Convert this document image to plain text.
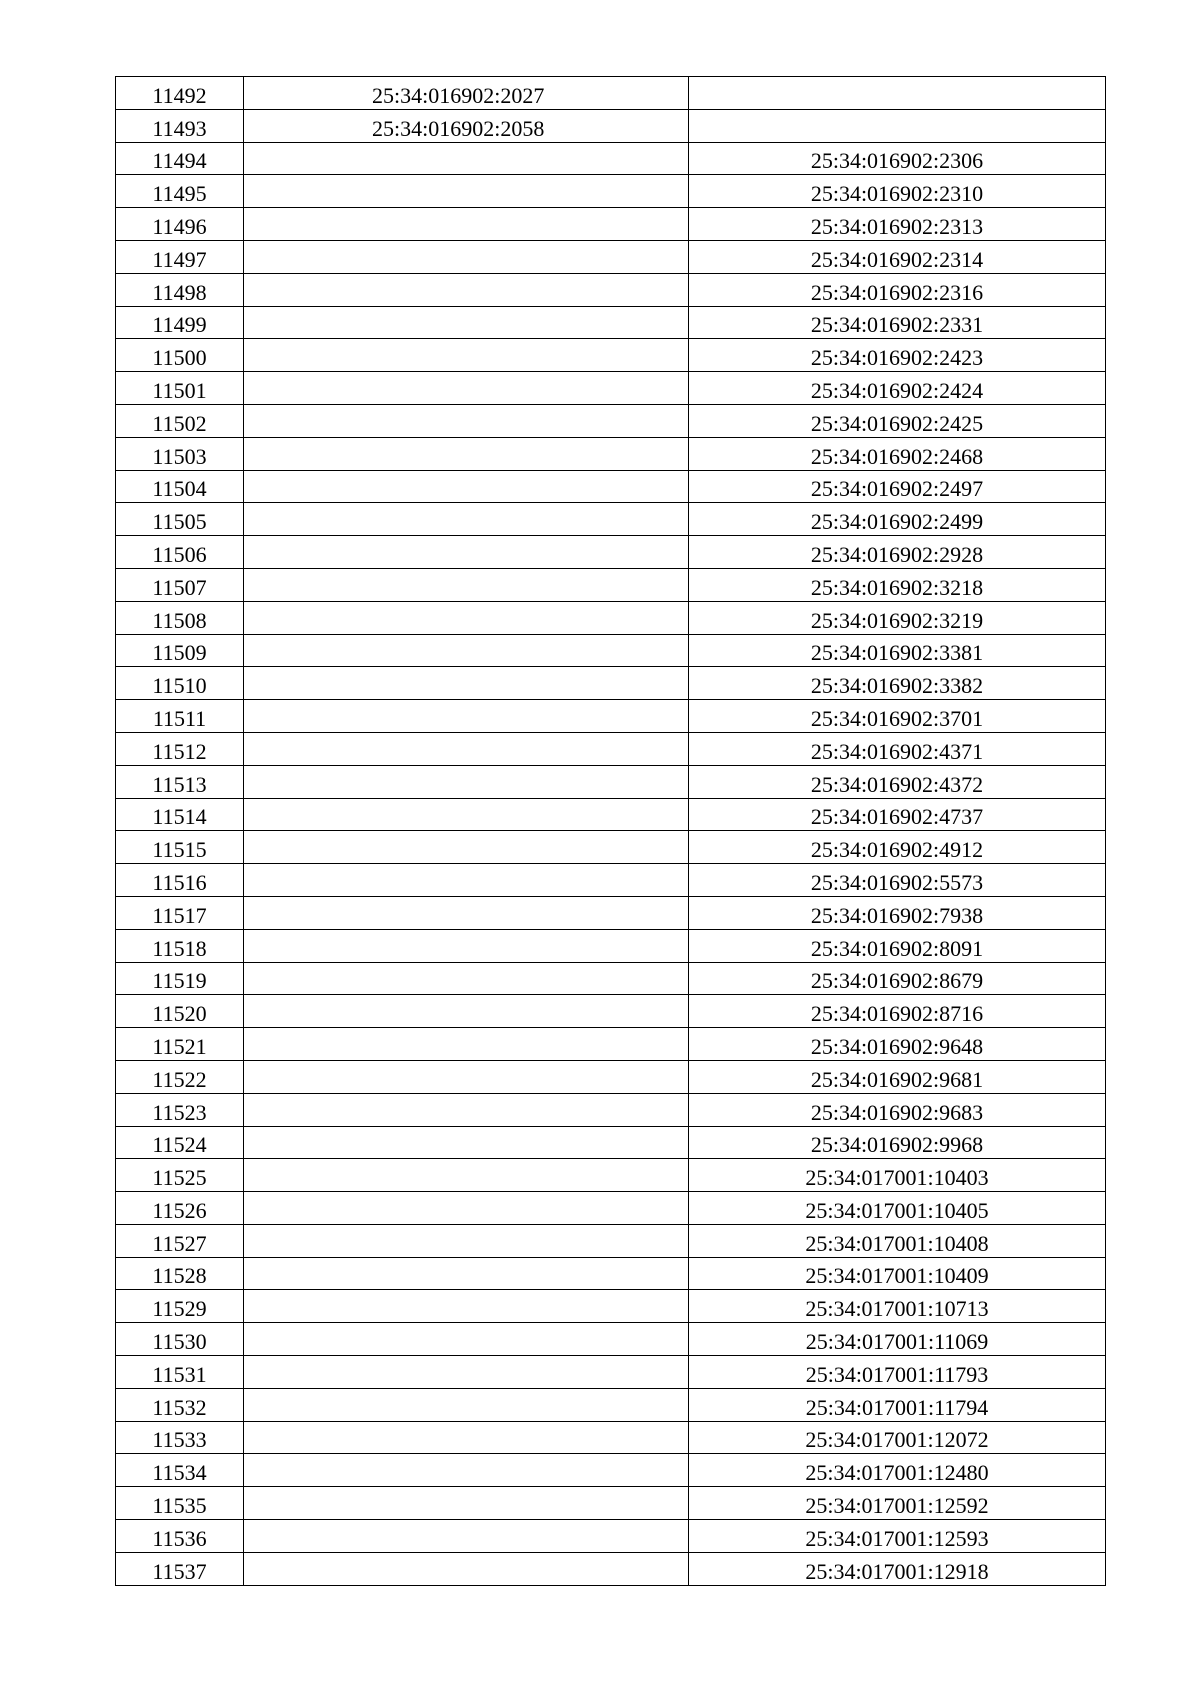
11492	25:34:016902:2027	
11493	25:34:016902:2058	
11494		25:34:016902:2306
11495		25:34:016902:2310
11496		25:34:016902:2313
11497		25:34:016902:2314
11498		25:34:016902:2316
11499		25:34:016902:2331
11500		25:34:016902:2423
11501		25:34:016902:2424
11502		25:34:016902:2425
11503		25:34:016902:2468
11504		25:34:016902:2497
11505		25:34:016902:2499
11506		25:34:016902:2928
11507		25:34:016902:3218
11508		25:34:016902:3219
11509		25:34:016902:3381
11510		25:34:016902:3382
11511		25:34:016902:3701
11512		25:34:016902:4371
11513		25:34:016902:4372
11514		25:34:016902:4737
11515		25:34:016902:4912
11516		25:34:016902:5573
11517		25:34:016902:7938
11518		25:34:016902:8091
11519		25:34:016902:8679
11520		25:34:016902:8716
11521		25:34:016902:9648
11522		25:34:016902:9681
11523		25:34:016902:9683
11524		25:34:016902:9968
11525		25:34:017001:10403
11526		25:34:017001:10405
11527		25:34:017001:10408
11528		25:34:017001:10409
11529		25:34:017001:10713
11530		25:34:017001:11069
11531		25:34:017001:11793
11532		25:34:017001:11794
11533		25:34:017001:12072
11534		25:34:017001:12480
11535		25:34:017001:12592
11536		25:34:017001:12593
11537		25:34:017001:12918
